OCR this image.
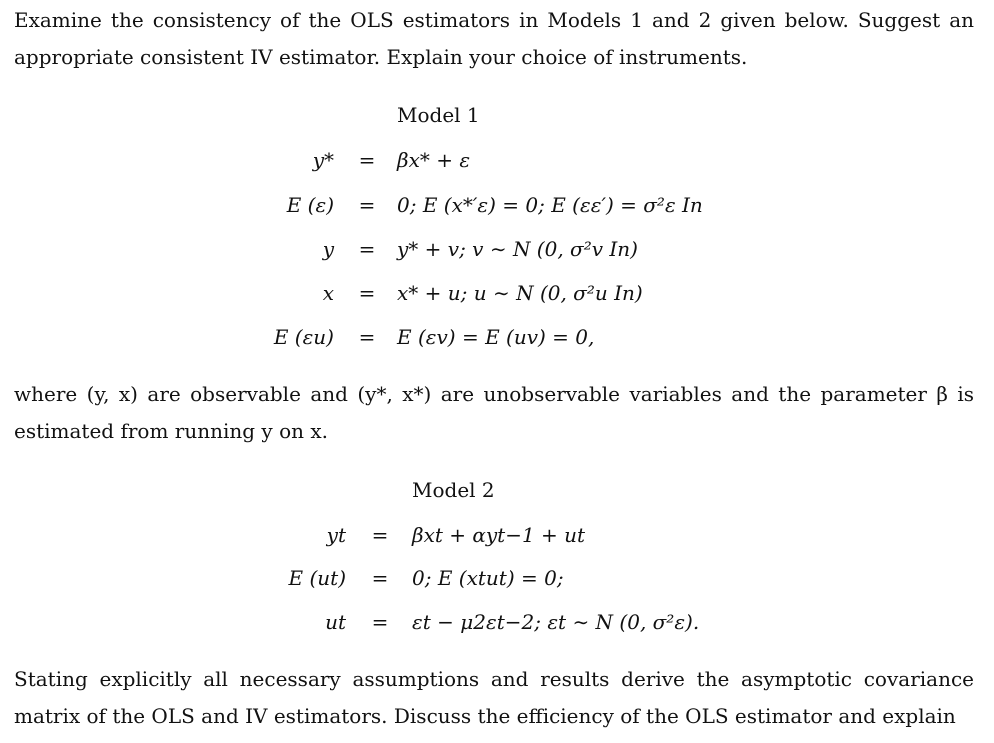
Examine the consistency of the OLS estimators in Models 1 and 2 given below. Suggest an appropriate consistent IV estimator. Explain your choice of instruments.

Model 1
y* = βx* + ε
E (ε) = 0; E (x*′ε) = 0; E (εε′) = σ²ε In
y = y* + v; v ∼ N (0, σ²v In)
x = x* + u; u ∼ N (0, σ²u In)
E (εu) = E (εv) = E (uv) = 0,

where (y, x) are observable and (y*, x*) are unobservable variables and the parameter β is estimated from running y on x.

Model 2
yt = βxt + αyt−1 + ut
E (ut) = 0; E (xtut) = 0;
ut = εt − μ2εt−2; εt ∼ N (0, σ²ε).

Stating explicitly all necessary assumptions and results derive the asymptotic covariance matrix of the OLS and IV estimators. Discuss the efficiency of the OLS estimator and explain
